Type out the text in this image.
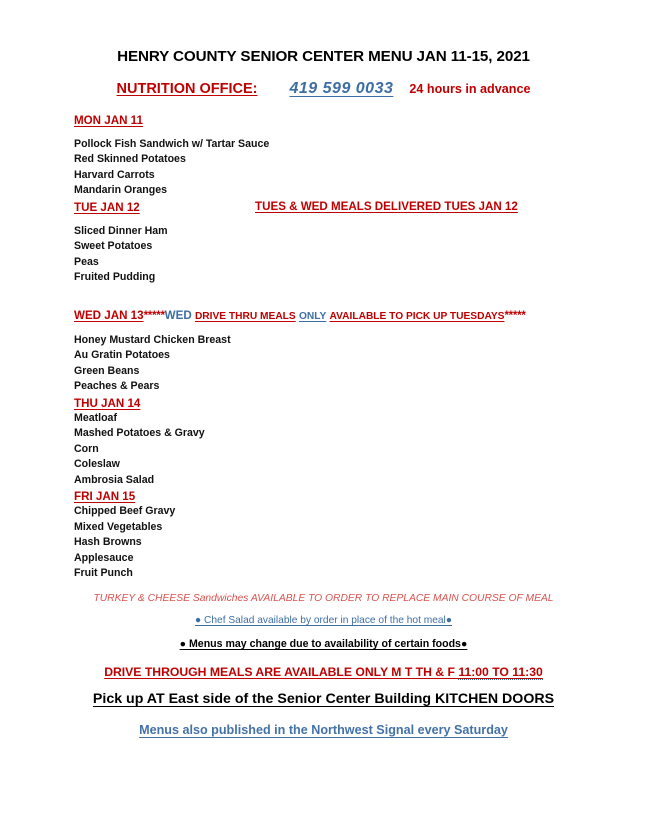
HENRY COUNTY SENIOR CENTER MENU JAN 11-15, 2021
NUTRITION OFFICE: 419 599 0033 24 hours in advance
MON JAN 11
Pollock Fish Sandwich w/ Tartar Sauce
Red Skinned Potatoes
Harvard Carrots
Mandarin Oranges
TUE JAN 12	TUES & WED MEALS DELIVERED TUES JAN 12
Sliced Dinner Ham
Sweet Potatoes
Peas
Fruited Pudding
WED JAN 13*****WED DRIVE THRU MEALS ONLY AVAILABLE TO PICK UP TUESDAYS*****
Honey Mustard Chicken Breast
Au Gratin Potatoes
Green Beans
Peaches & Pears
THU JAN 14
Meatloaf
Mashed Potatoes & Gravy
Corn
Coleslaw
Ambrosia Salad
FRI JAN 15
Chipped Beef Gravy
Mixed Vegetables
Hash Browns
Applesauce
Fruit Punch
TURKEY & CHEESE Sandwiches AVAILABLE TO ORDER TO REPLACE MAIN COURSE OF MEAL
● Chef Salad available by order in place of the hot meal●
● Menus may change due to availability of certain foods●
DRIVE THROUGH MEALS ARE AVAILABLE ONLY M T TH & F 11:00 TO 11:30
Pick up AT East side of the Senior Center Building KITCHEN DOORS
Menus also published in the Northwest Signal every Saturday
